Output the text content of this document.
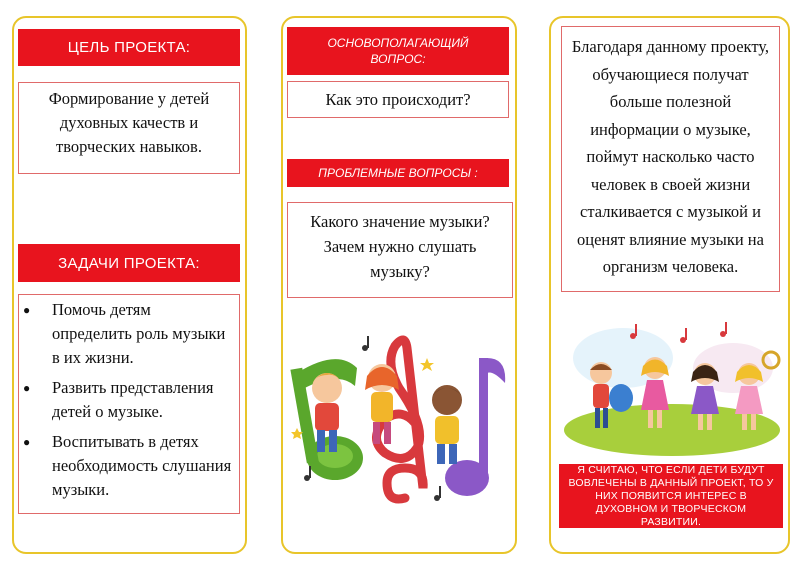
ЦЕЛЬ ПРОЕКТА:
Формирование у детей духовных качеств и творческих навыков.
ЗАДАЧИ ПРОЕКТА:
● Помочь детям определить роль музыки в их жизни.
● Развить представления детей о музыке.
● Воспитывать в детях необходимость слушания музыки.
ОСНОВОПОЛАГАЮЩИЙ
ВОПРОС:
Как это происходит?
ПРОБЛЕМНЫЕ ВОПРОСЫ :
Какого значение музыки? Зачем нужно слушать музыку?
Благодаря данному проекту, обучающиеся получат больше полезной информации о музыке, поймут насколько часто человек в своей жизни сталкивается с музыкой и оценят влияние музыки на организм человека.
Я СЧИТАЮ, ЧТО ЕСЛИ ДЕТИ БУДУТ ВОВЛЕЧЕНЫ В ДАННЫЙ ПРОЕКТ, ТО У НИХ ПОЯВИТСЯ ИНТЕРЕС В ДУХОВНОМ И ТВОРЧЕСКОМ РАЗВИТИИ.
